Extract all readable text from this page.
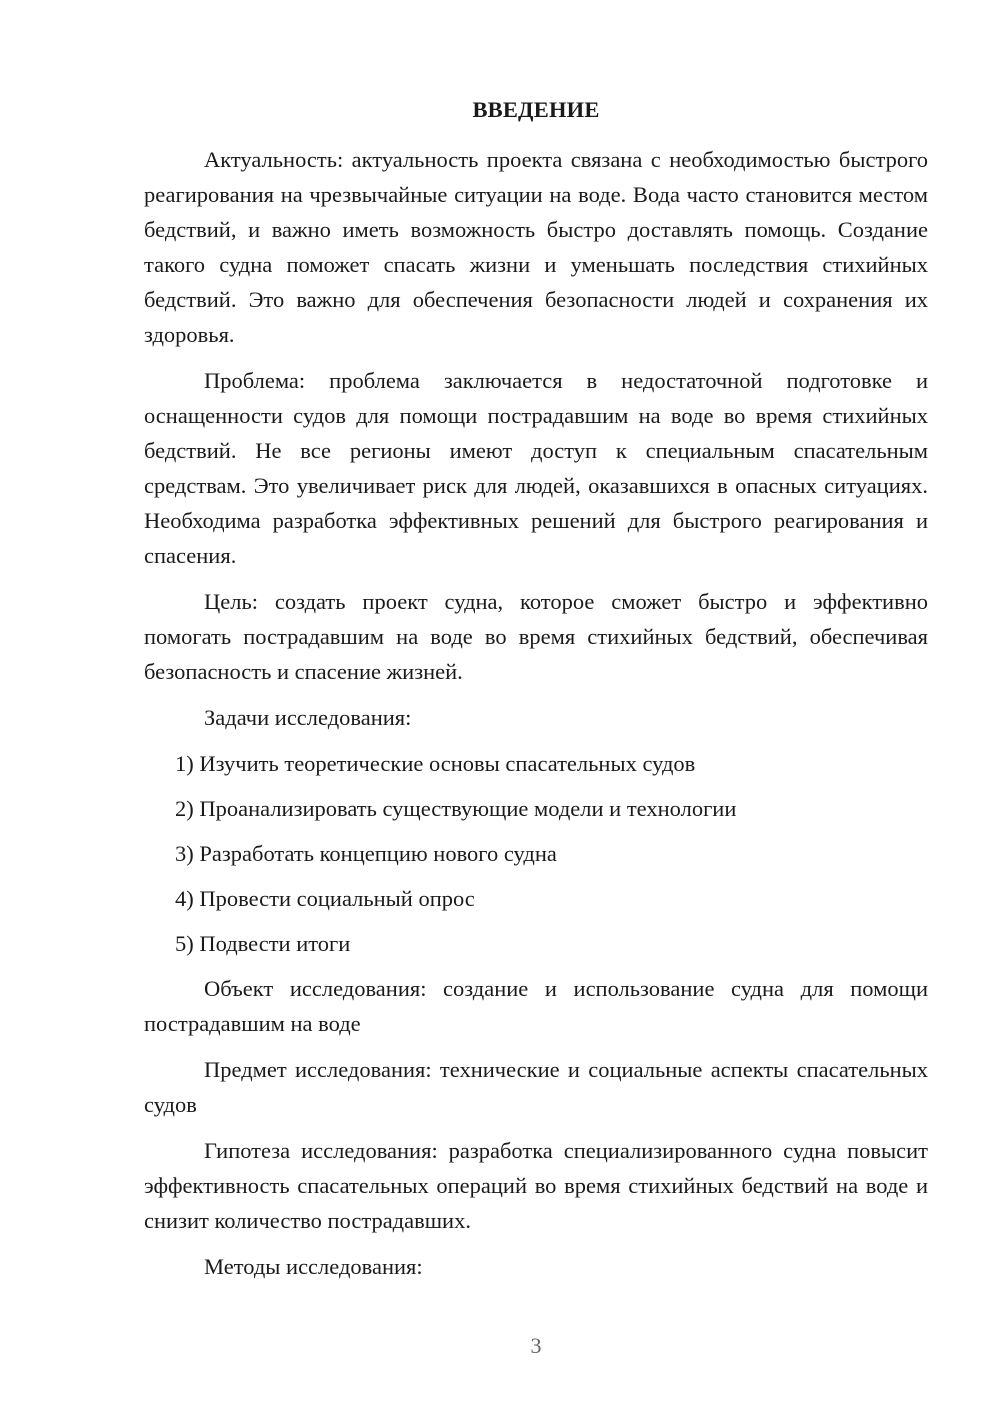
ВВЕДЕНИЕ

Актуальность: актуальность проекта связана с необходимостью быстрого реагирования на чрезвычайные ситуации на воде. Вода часто становится местом бедствий, и важно иметь возможность быстро доставлять помощь. Создание такого судна поможет спасать жизни и уменьшать последствия стихийных бедствий. Это важно для обеспечения безопасности людей и сохранения их здоровья.

Проблема: проблема заключается в недостаточной подготовке и оснащенности судов для помощи пострадавшим на воде во время стихийных бедствий. Не все регионы имеют доступ к специальным спасательным средствам. Это увеличивает риск для людей, оказавшихся в опасных ситуациях. Необходима разработка эффективных решений для быстрого реагирования и спасения.

Цель: создать проект судна, которое сможет быстро и эффективно помогать пострадавшим на воде во время стихийных бедствий, обеспечивая безопасность и спасение жизней.

Задачи исследования:

1) Изучить теоретические основы спасательных судов
2) Проанализировать существующие модели и технологии
3) Разработать концепцию нового судна
4) Провести социальный опрос
5) Подвести итоги

Объект исследования: создание и использование судна для помощи пострадавшим на воде

Предмет исследования: технические и социальные аспекты спасательных судов

Гипотеза исследования: разработка специализированного судна повысит эффективность спасательных операций во время стихийных бедствий на воде и снизит количество пострадавших.

Методы исследования:

3
